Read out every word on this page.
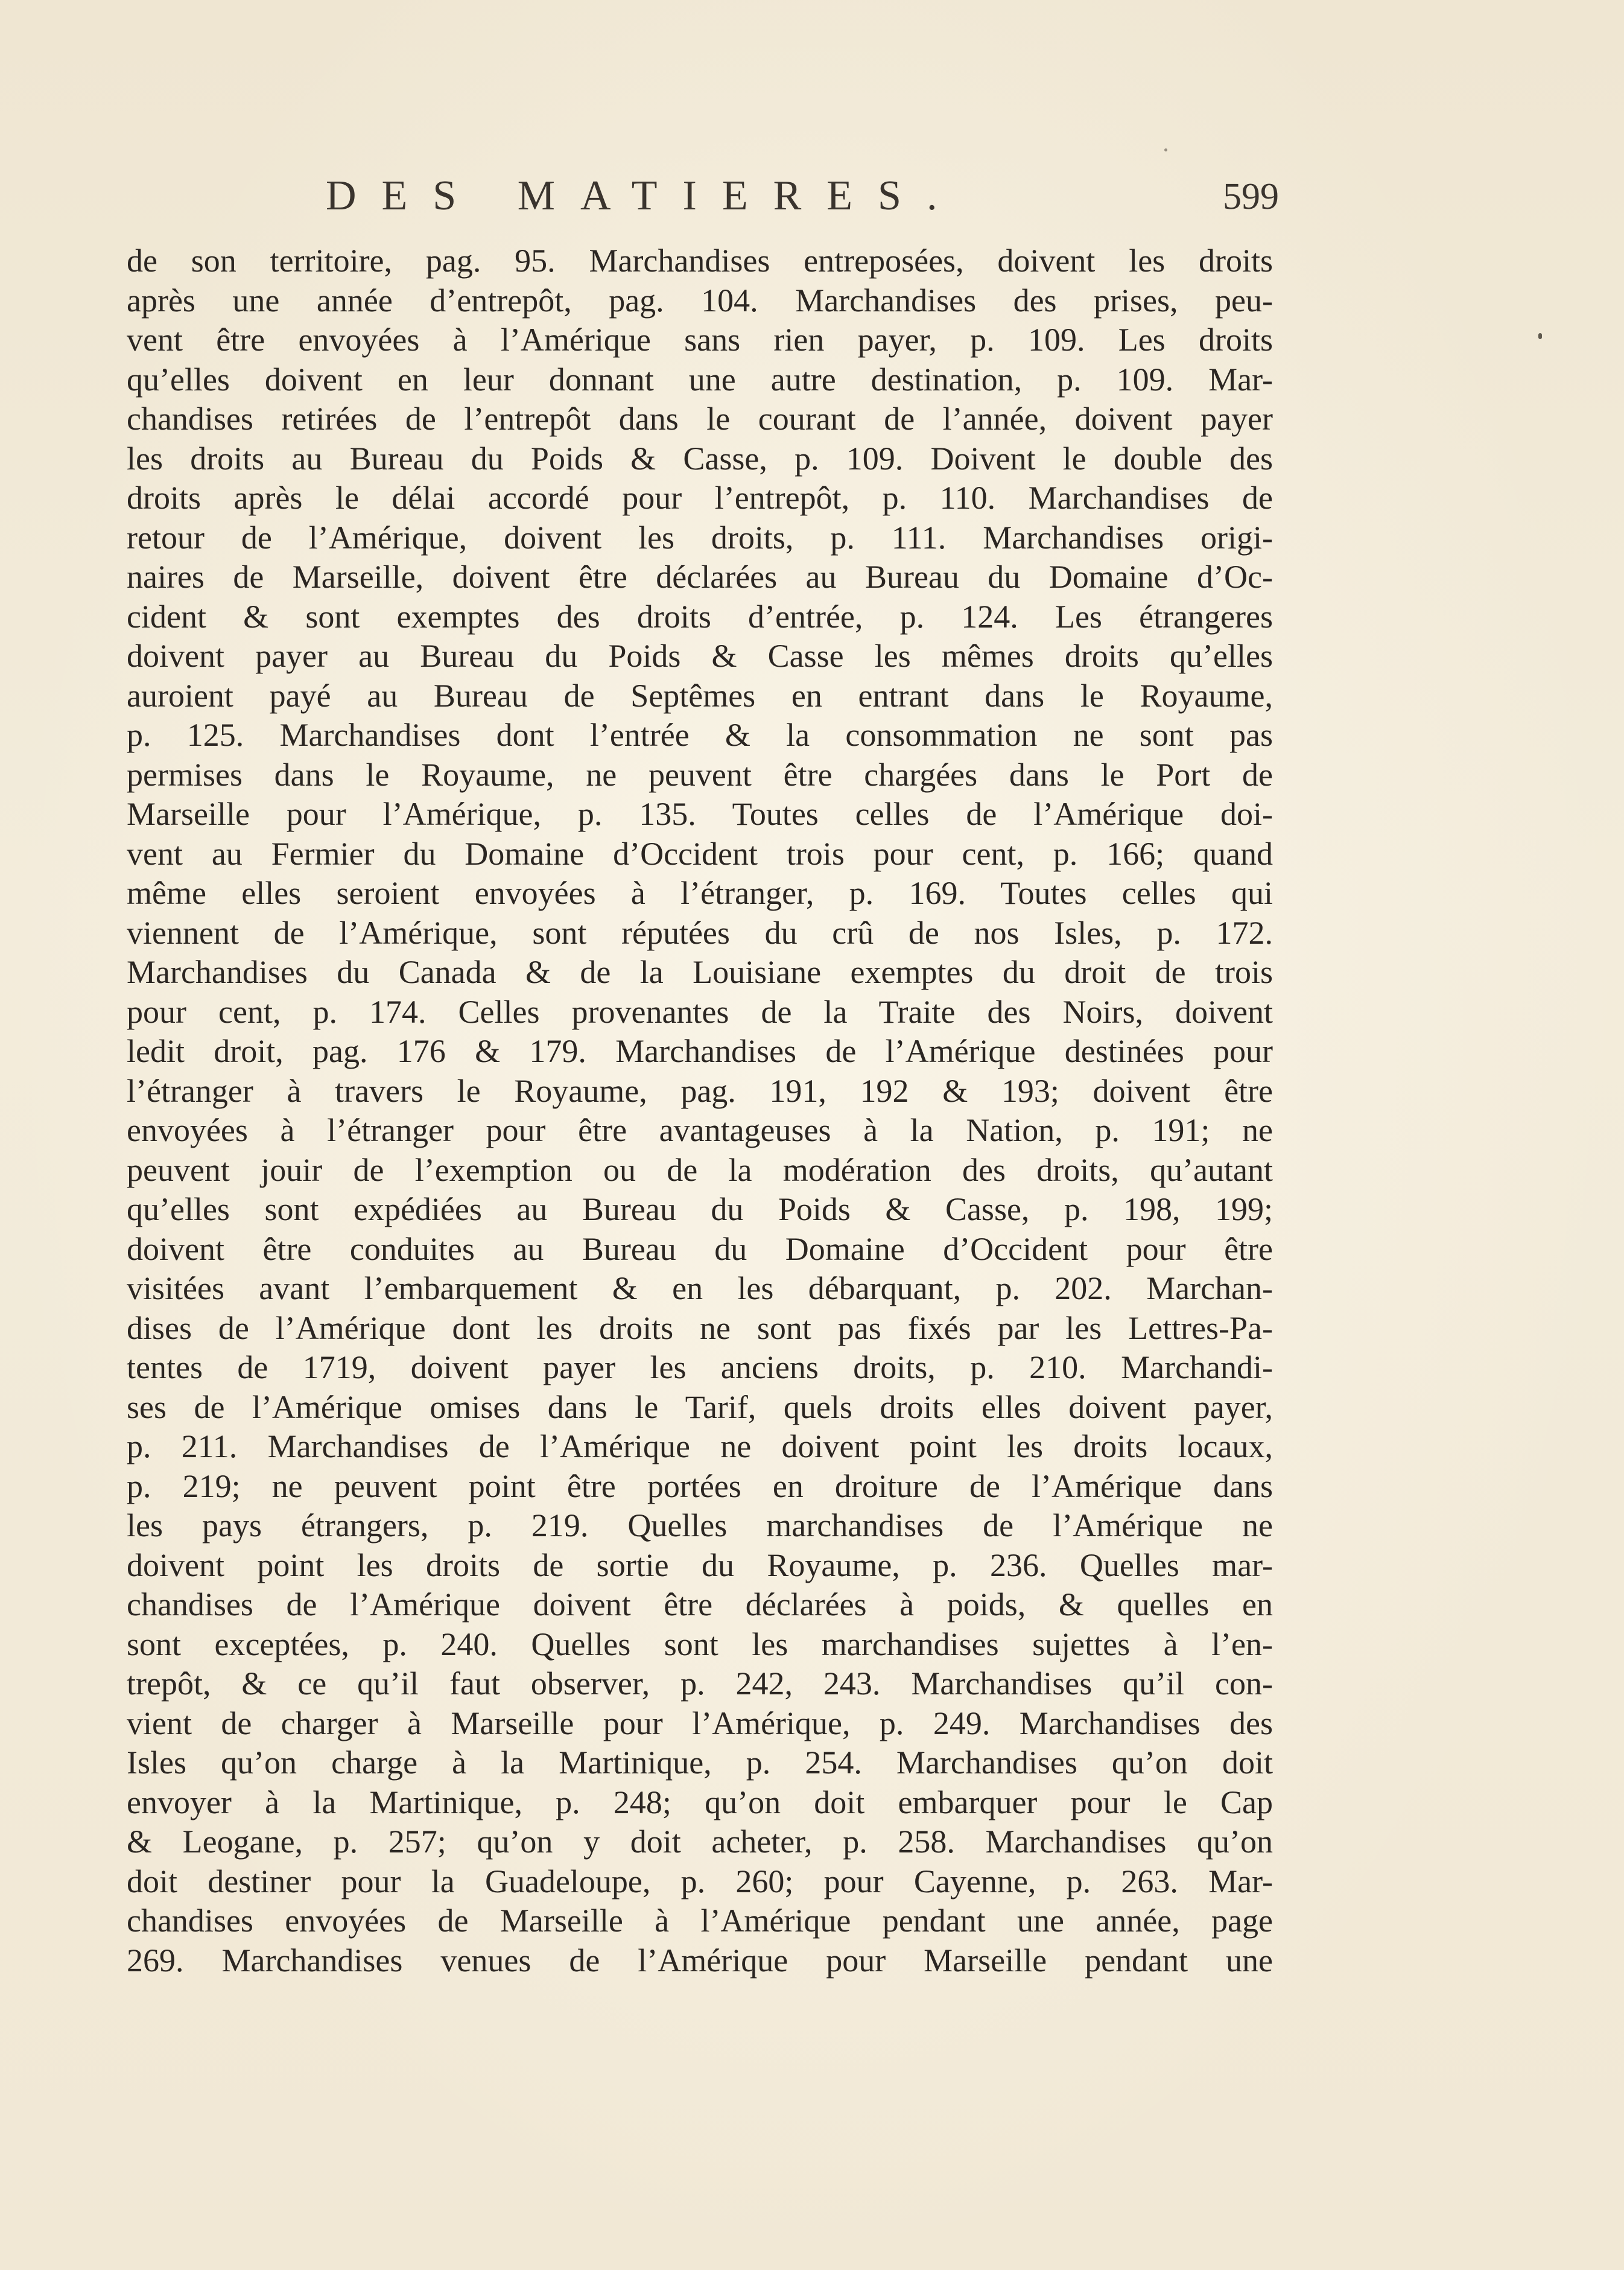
DES MATIERES.	599
de son territoire, pag. 95. Marchandises entreposées, doivent les droits
après une année d’entrepôt, pag. 104. Marchandises des prises, peu-
vent être envoyées à l’Amérique sans rien payer, p. 109. Les droits
qu’elles doivent en leur donnant une autre destination, p. 109. Mar-
chandises retirées de l’entrepôt dans le courant de l’année, doivent payer
les droits au Bureau du Poids & Casse, p. 109. Doivent le double des
droits après le délai accordé pour l’entrepôt, p. 110. Marchandises de
retour de l’Amérique, doivent les droits, p. 111. Marchandises origi-
naires de Marseille, doivent être déclarées au Bureau du Domaine d’Oc-
cident & sont exemptes des droits d’entrée, p. 124. Les étrangeres
doivent payer au Bureau du Poids & Casse les mêmes droits qu’elles
auroient payé au Bureau de Septêmes en entrant dans le Royaume,
p. 125. Marchandises dont l’entrée & la consommation ne sont pas
permises dans le Royaume, ne peuvent être chargées dans le Port de
Marseille pour l’Amérique, p. 135. Toutes celles de l’Amérique doi-
vent au Fermier du Domaine d’Occident trois pour cent, p. 166; quand
même elles seroient envoyées à l’étranger, p. 169. Toutes celles qui
viennent de l’Amérique, sont réputées du crû de nos Isles, p. 172.
Marchandises du Canada & de la Louisiane exemptes du droit de trois
pour cent, p. 174. Celles provenantes de la Traite des Noirs, doivent
ledit droit, pag. 176 & 179. Marchandises de l’Amérique destinées pour
l’étranger à travers le Royaume, pag. 191, 192 & 193; doivent être
envoyées à l’étranger pour être avantageuses à la Nation, p. 191; ne
peuvent jouir de l’exemption ou de la modération des droits, qu’autant
qu’elles sont expédiées au Bureau du Poids & Casse, p. 198, 199;
doivent être conduites au Bureau du Domaine d’Occident pour être
visitées avant l’embarquement & en les débarquant, p. 202. Marchan-
dises de l’Amérique dont les droits ne sont pas fixés par les Lettres-Pa-
tentes de 1719, doivent payer les anciens droits, p. 210. Marchandi-
ses de l’Amérique omises dans le Tarif, quels droits elles doivent payer,
p. 211. Marchandises de l’Amérique ne doivent point les droits locaux,
p. 219; ne peuvent point être portées en droiture de l’Amérique dans
les pays étrangers, p. 219. Quelles marchandises de l’Amérique ne
doivent point les droits de sortie du Royaume, p. 236. Quelles mar-
chandises de l’Amérique doivent être déclarées à poids, & quelles en
sont exceptées, p. 240. Quelles sont les marchandises sujettes à l’en-
trepôt, & ce qu’il faut observer, p. 242, 243. Marchandises qu’il con-
vient de charger à Marseille pour l’Amérique, p. 249. Marchandises des
Isles qu’on charge à la Martinique, p. 254. Marchandises qu’on doit
envoyer à la Martinique, p. 248; qu’on doit embarquer pour le Cap
& Leogane, p. 257; qu’on y doit acheter, p. 258. Marchandises qu’on
doit destiner pour la Guadeloupe, p. 260; pour Cayenne, p. 263. Mar-
chandises envoyées de Marseille à l’Amérique pendant une année, page
269. Marchandises venues de l’Amérique pour Marseille pendant une
